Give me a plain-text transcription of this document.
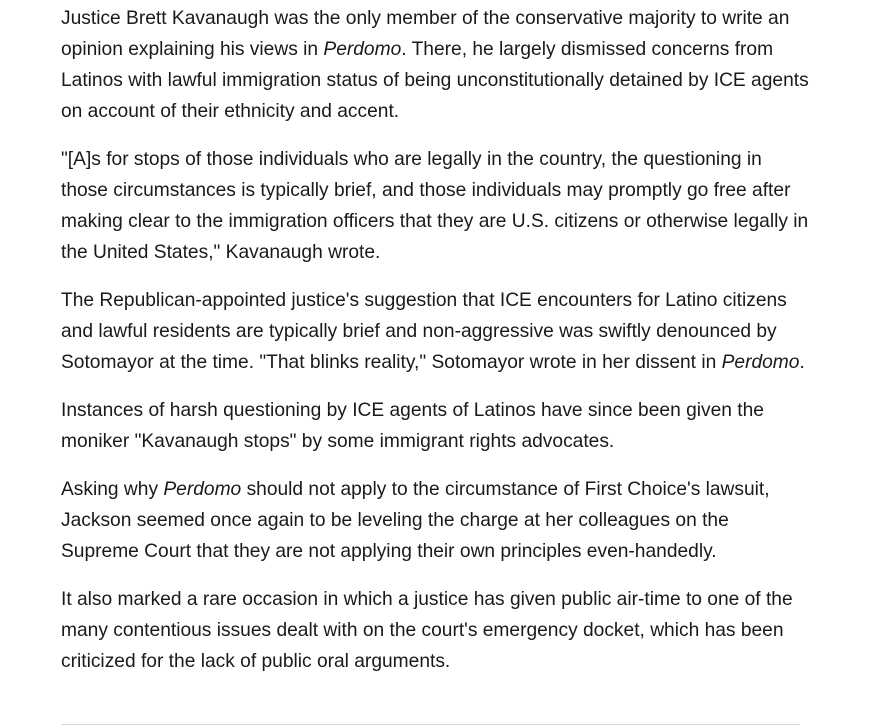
Justice Brett Kavanaugh was the only member of the conservative majority to write an opinion explaining his views in Perdomo. There, he largely dismissed concerns from Latinos with lawful immigration status of being unconstitutionally detained by ICE agents on account of their ethnicity and accent.

"[A]s for stops of those individuals who are legally in the country, the questioning in those circumstances is typically brief, and those individuals may promptly go free after making clear to the immigration officers that they are U.S. citizens or otherwise legally in the United States," Kavanaugh wrote.

The Republican-appointed justice's suggestion that ICE encounters for Latino citizens and lawful residents are typically brief and non-aggressive was swiftly denounced by Sotomayor at the time. "That blinks reality," Sotomayor wrote in her dissent in Perdomo.

Instances of harsh questioning by ICE agents of Latinos have since been given the moniker "Kavanaugh stops" by some immigrant rights advocates.

Asking why Perdomo should not apply to the circumstance of First Choice's lawsuit, Jackson seemed once again to be leveling the charge at her colleagues on the Supreme Court that they are not applying their own principles even-handedly.

It also marked a rare occasion in which a justice has given public air-time to one of the many contentious issues dealt with on the court's emergency docket, which has been criticized for the lack of public oral arguments.
